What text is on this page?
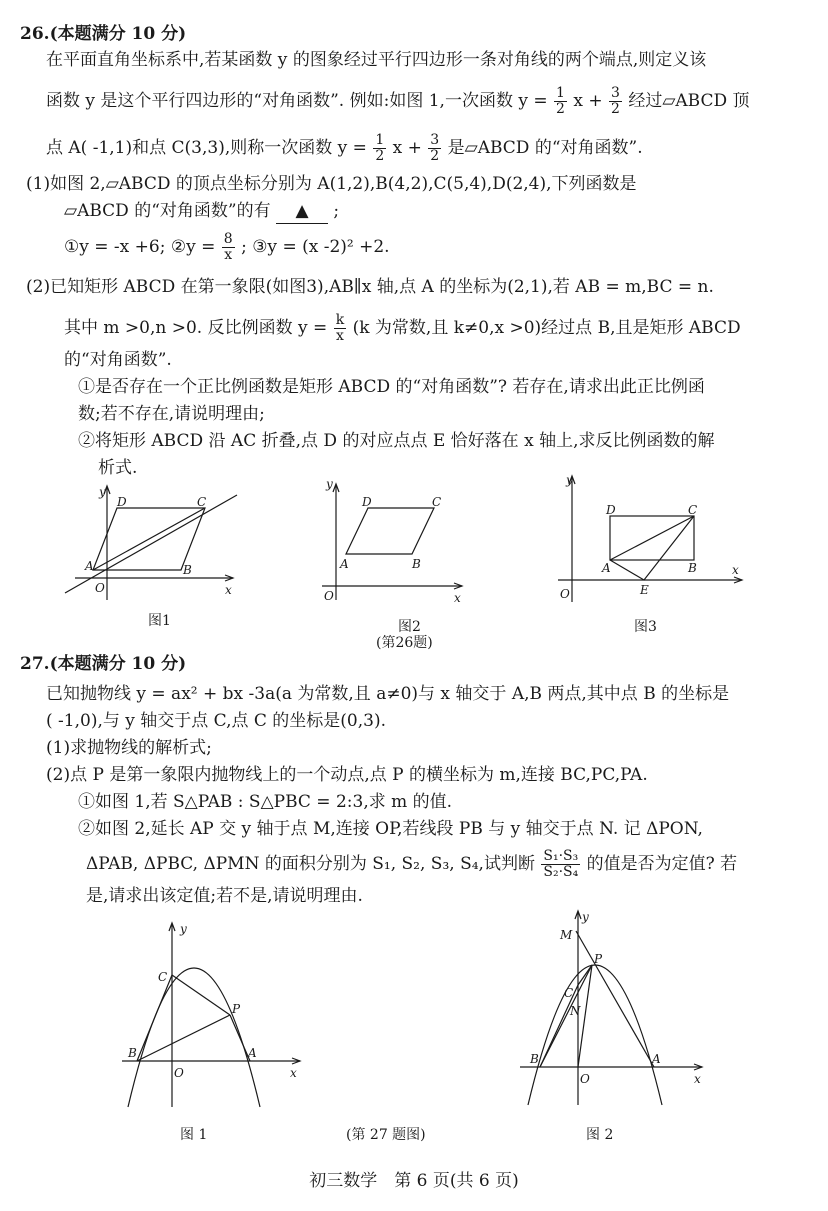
26.(本题满分 10 分)
在平面直角坐标系中,若某函数 y 的图象经过平行四边形一条对角线的两个端点,则定义该
函数 y 是这个平行四边形的“对角函数”. 例如:如图 1,一次函数 $y = \frac{1}{2}$ $x + \frac{3}{2}$ 经过▱ABCD 顶
点 A( -1,1)和点 C(3,3),则称一次函数 $y = \frac{1}{2}$ $x + \frac{3}{2}$ 是▱ABCD 的“对角函数”.
(1)如图 2,▱ABCD 的顶点坐标分别为 A(1,2),B(4,2),C(5,4),D(2,4),下列函数是
▱ABCD 的“对角函数”的有 ▲ ;
①y = -x +6; ②y = $\frac{8}{x}$ ; ③y = (x -2)² +2.
(2)已知矩形 ABCD 在第一象限(如图3),AB∥x 轴,点 A 的坐标为(2,1),若 AB = m,BC = n.
其中 m >0,n >0. 反比例函数 $y = \frac{k}{x} (k$ 为常数,且 k≠0,x >0)经过点 B,且是矩形 ABCD
的“对角函数”.
①是否存在一个正比例函数是矩形 ABCD 的“对角函数”? 若存在,请求出此正比例函
数;若不存在,请说明理由;
②将矩形 ABCD 沿 AC 折叠,点 D 的对应点点 E 恰好落在 x 轴上,求反比例函数的解
析式.
y
x
O
A	B
C
D
图1
y
x
O
A	B
C
D
图2
(第26题)
y
x
O
A	B
C
D
E
图3
27.(本题满分 10 分)
已知抛物线 y = ax² + bx -3a(a 为常数,且 a≠0)与 x 轴交于 A,B 两点,其中点 B 的坐标是
( -1,0),与 y 轴交于点 C,点 C 的坐标是(0,3).
(1)求抛物线的解析式;
(2)点 P 是第一象限内抛物线上的一个动点,点 P 的横坐标为 m,连接 BC,PC,PA.
①如图 1,若 S△PAB : S△PBC = 2:3,求 m 的值.
②如图 2,延长 AP 交 y 轴于点 M,连接 OP,若线段 PB 与 y 轴交于点 N. 记 ΔPON,
ΔPAB, ΔPBC, ΔPMN 的面积分别为 S₁, S₂, S₃, S₄,试判断 $\frac{\text{S₁·S₃}}{\text{S₂·S₄}}$ 的值是否为定值? 若
是,请求出该定值;若不是,请说明理由.
y
x
O
A
B
C
P
图 1	(第 27 题图)
y
x
O
A
B
C
P
M
N
图 2
初三数学　第 6 页(共 6 页)
